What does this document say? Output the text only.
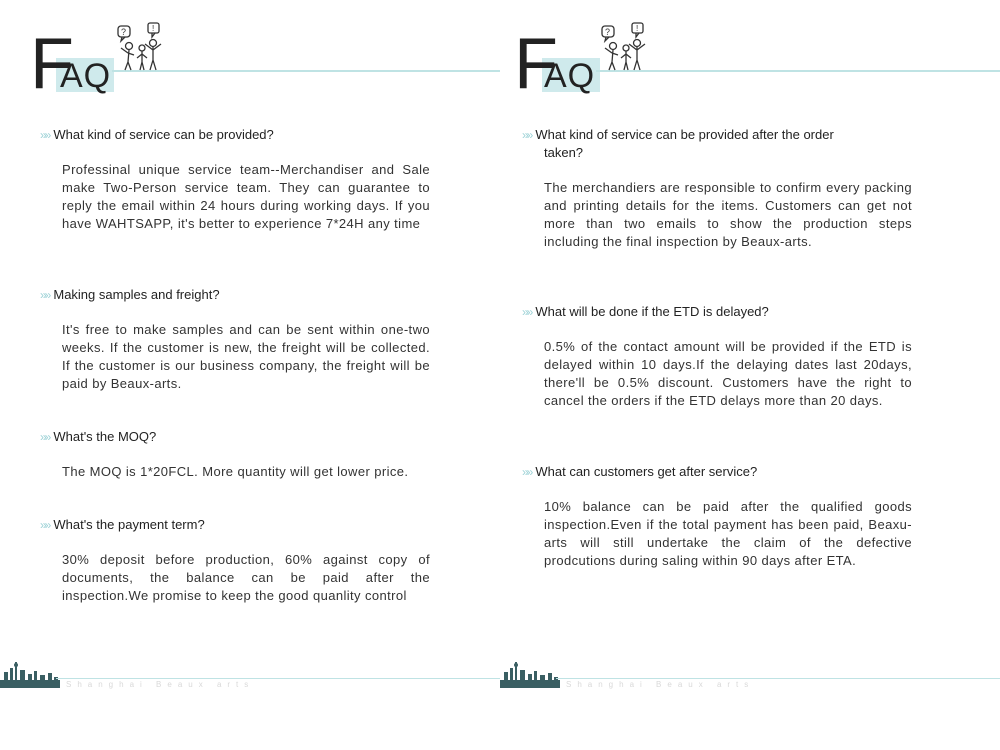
F
AQ
?	!
»» What kind of service can be provided?
Professinal unique service team--Merchandiser and Sale make Two-Person service team. They can guarantee to reply the email within 24 hours during working days. If you have WAHTSAPP, it's better to experience 7*24H any time
»» Making samples and freight?
It's free to make samples and can be sent within one-two weeks. If the customer is new, the freight will be collected. If the customer is our business company, the freight will be paid by Beaux-arts.
»» What's the MOQ?
The MOQ is 1*20FCL. More quantity will get lower price.
»» What's the payment term?
30% deposit before production, 60% against copy of documents, the balance can be paid after the inspection.We promise to keep the good quanlity control
Shanghai Beaux arts
F
AQ
?	!
»» What kind of service can be provided after the order
taken?
The merchandiers are responsible to confirm every packing and printing details for the items. Customers can get not more than two emails to show the production steps including the final inspection by Beaux-arts.
»» What will be done if the ETD is delayed?
0.5% of the contact amount will be provided if the ETD is delayed within 10 days.If the delaying dates last 20days, there'll be 0.5% discount. Customers have the right to cancel the orders if the ETD delays more than 20 days.
»» What can customers get after service?
10% balance can be paid after the qualified goods inspection.Even if the total payment has been paid, Beaxu-arts will still undertake the claim of the defective prodcutions during saling within 90 days after ETA.
Shanghai Beaux arts
